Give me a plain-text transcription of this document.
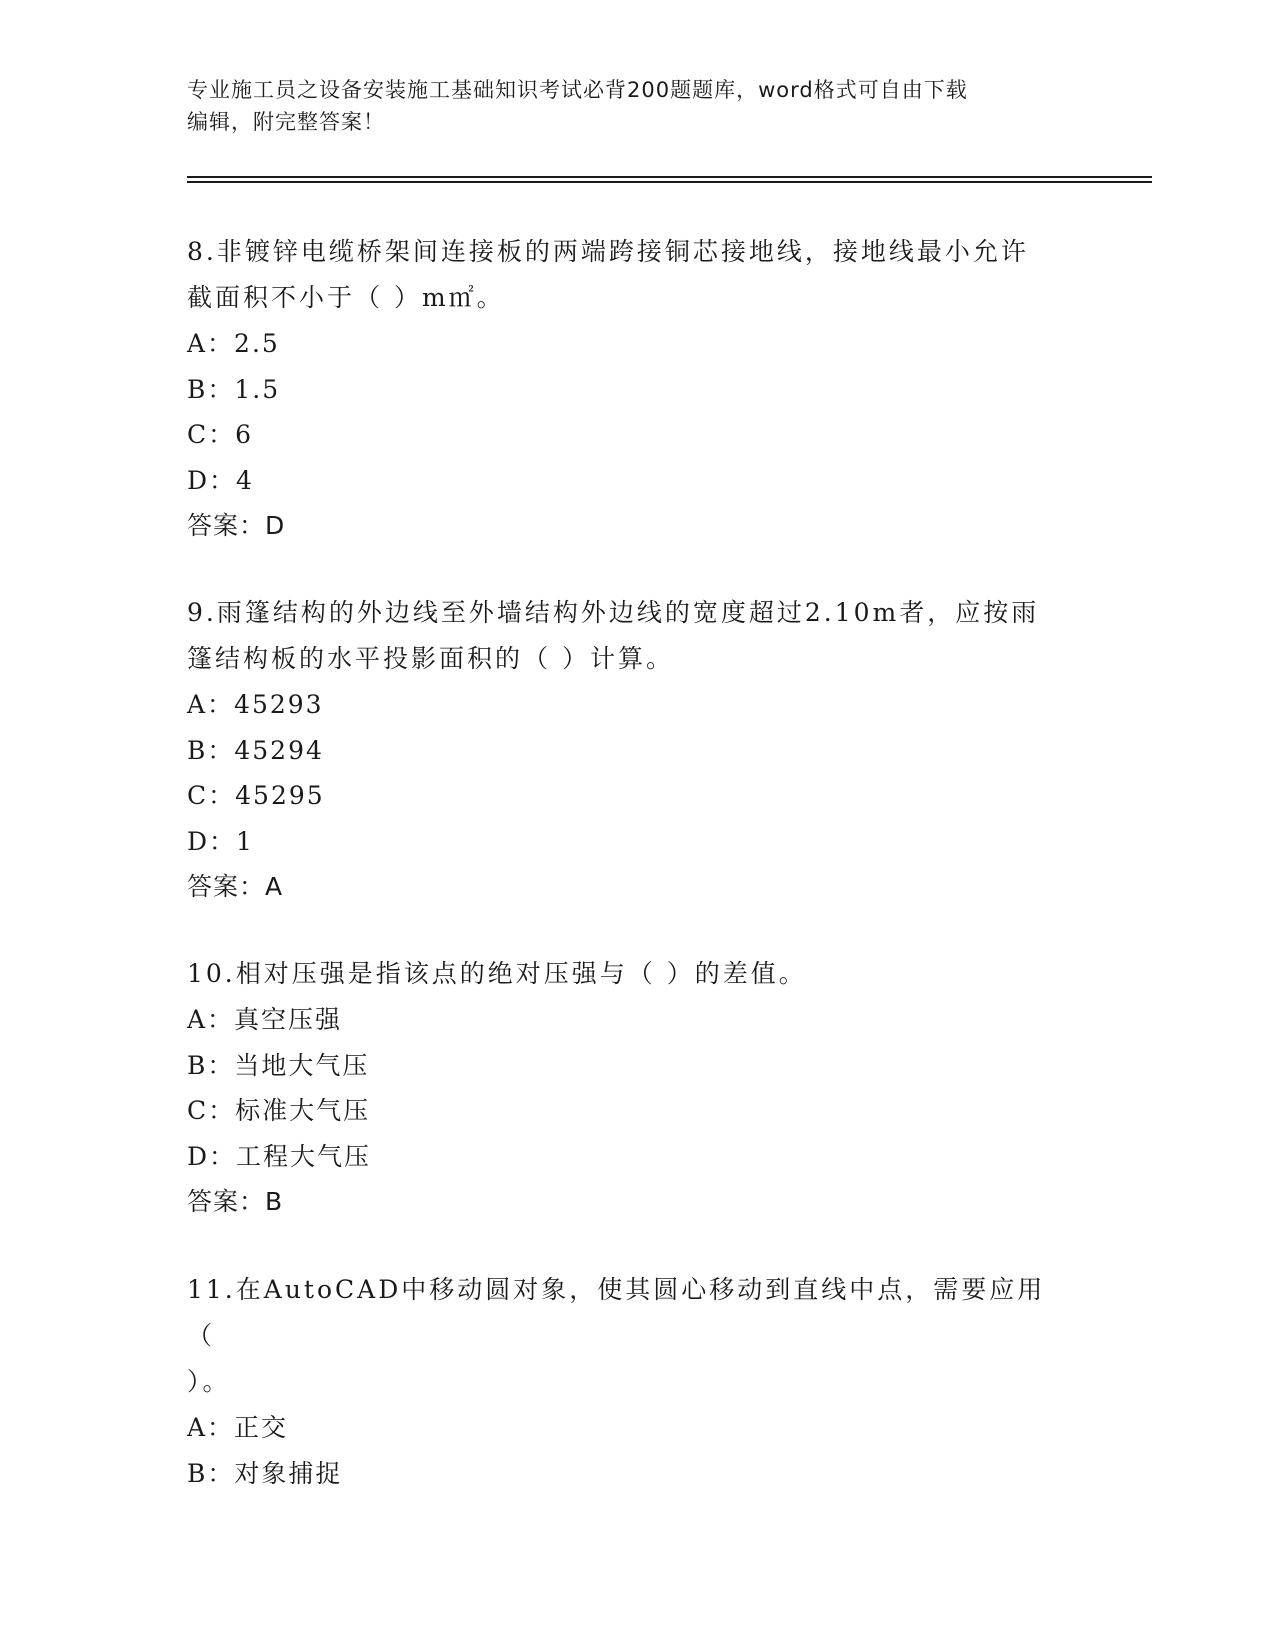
专业施工员之设备安装施工基础知识考试必背200题题库，word格式可自由下载
编辑，附完整答案！
8.非镀锌电缆桥架间连接板的两端跨接铜芯接地线，接地线最小允许
截面积不小于（ ）m㎡。
A：2.5
B：1.5
C：6
D：4
答案：D
9.雨篷结构的外边线至外墙结构外边线的宽度超过2.10m者，应按雨
篷结构板的水平投影面积的（ ）计算。
A：45293
B：45294
C：45295
D：1
答案：A
10.相对压强是指该点的绝对压强与（ ）的差值。
A：真空压强
B：当地大气压
C：标准大气压
D：工程大气压
答案：B
11.在AutoCAD中移动圆对象，使其圆心移动到直线中点，需要应用（
）。
A：正交
B：对象捕捉
